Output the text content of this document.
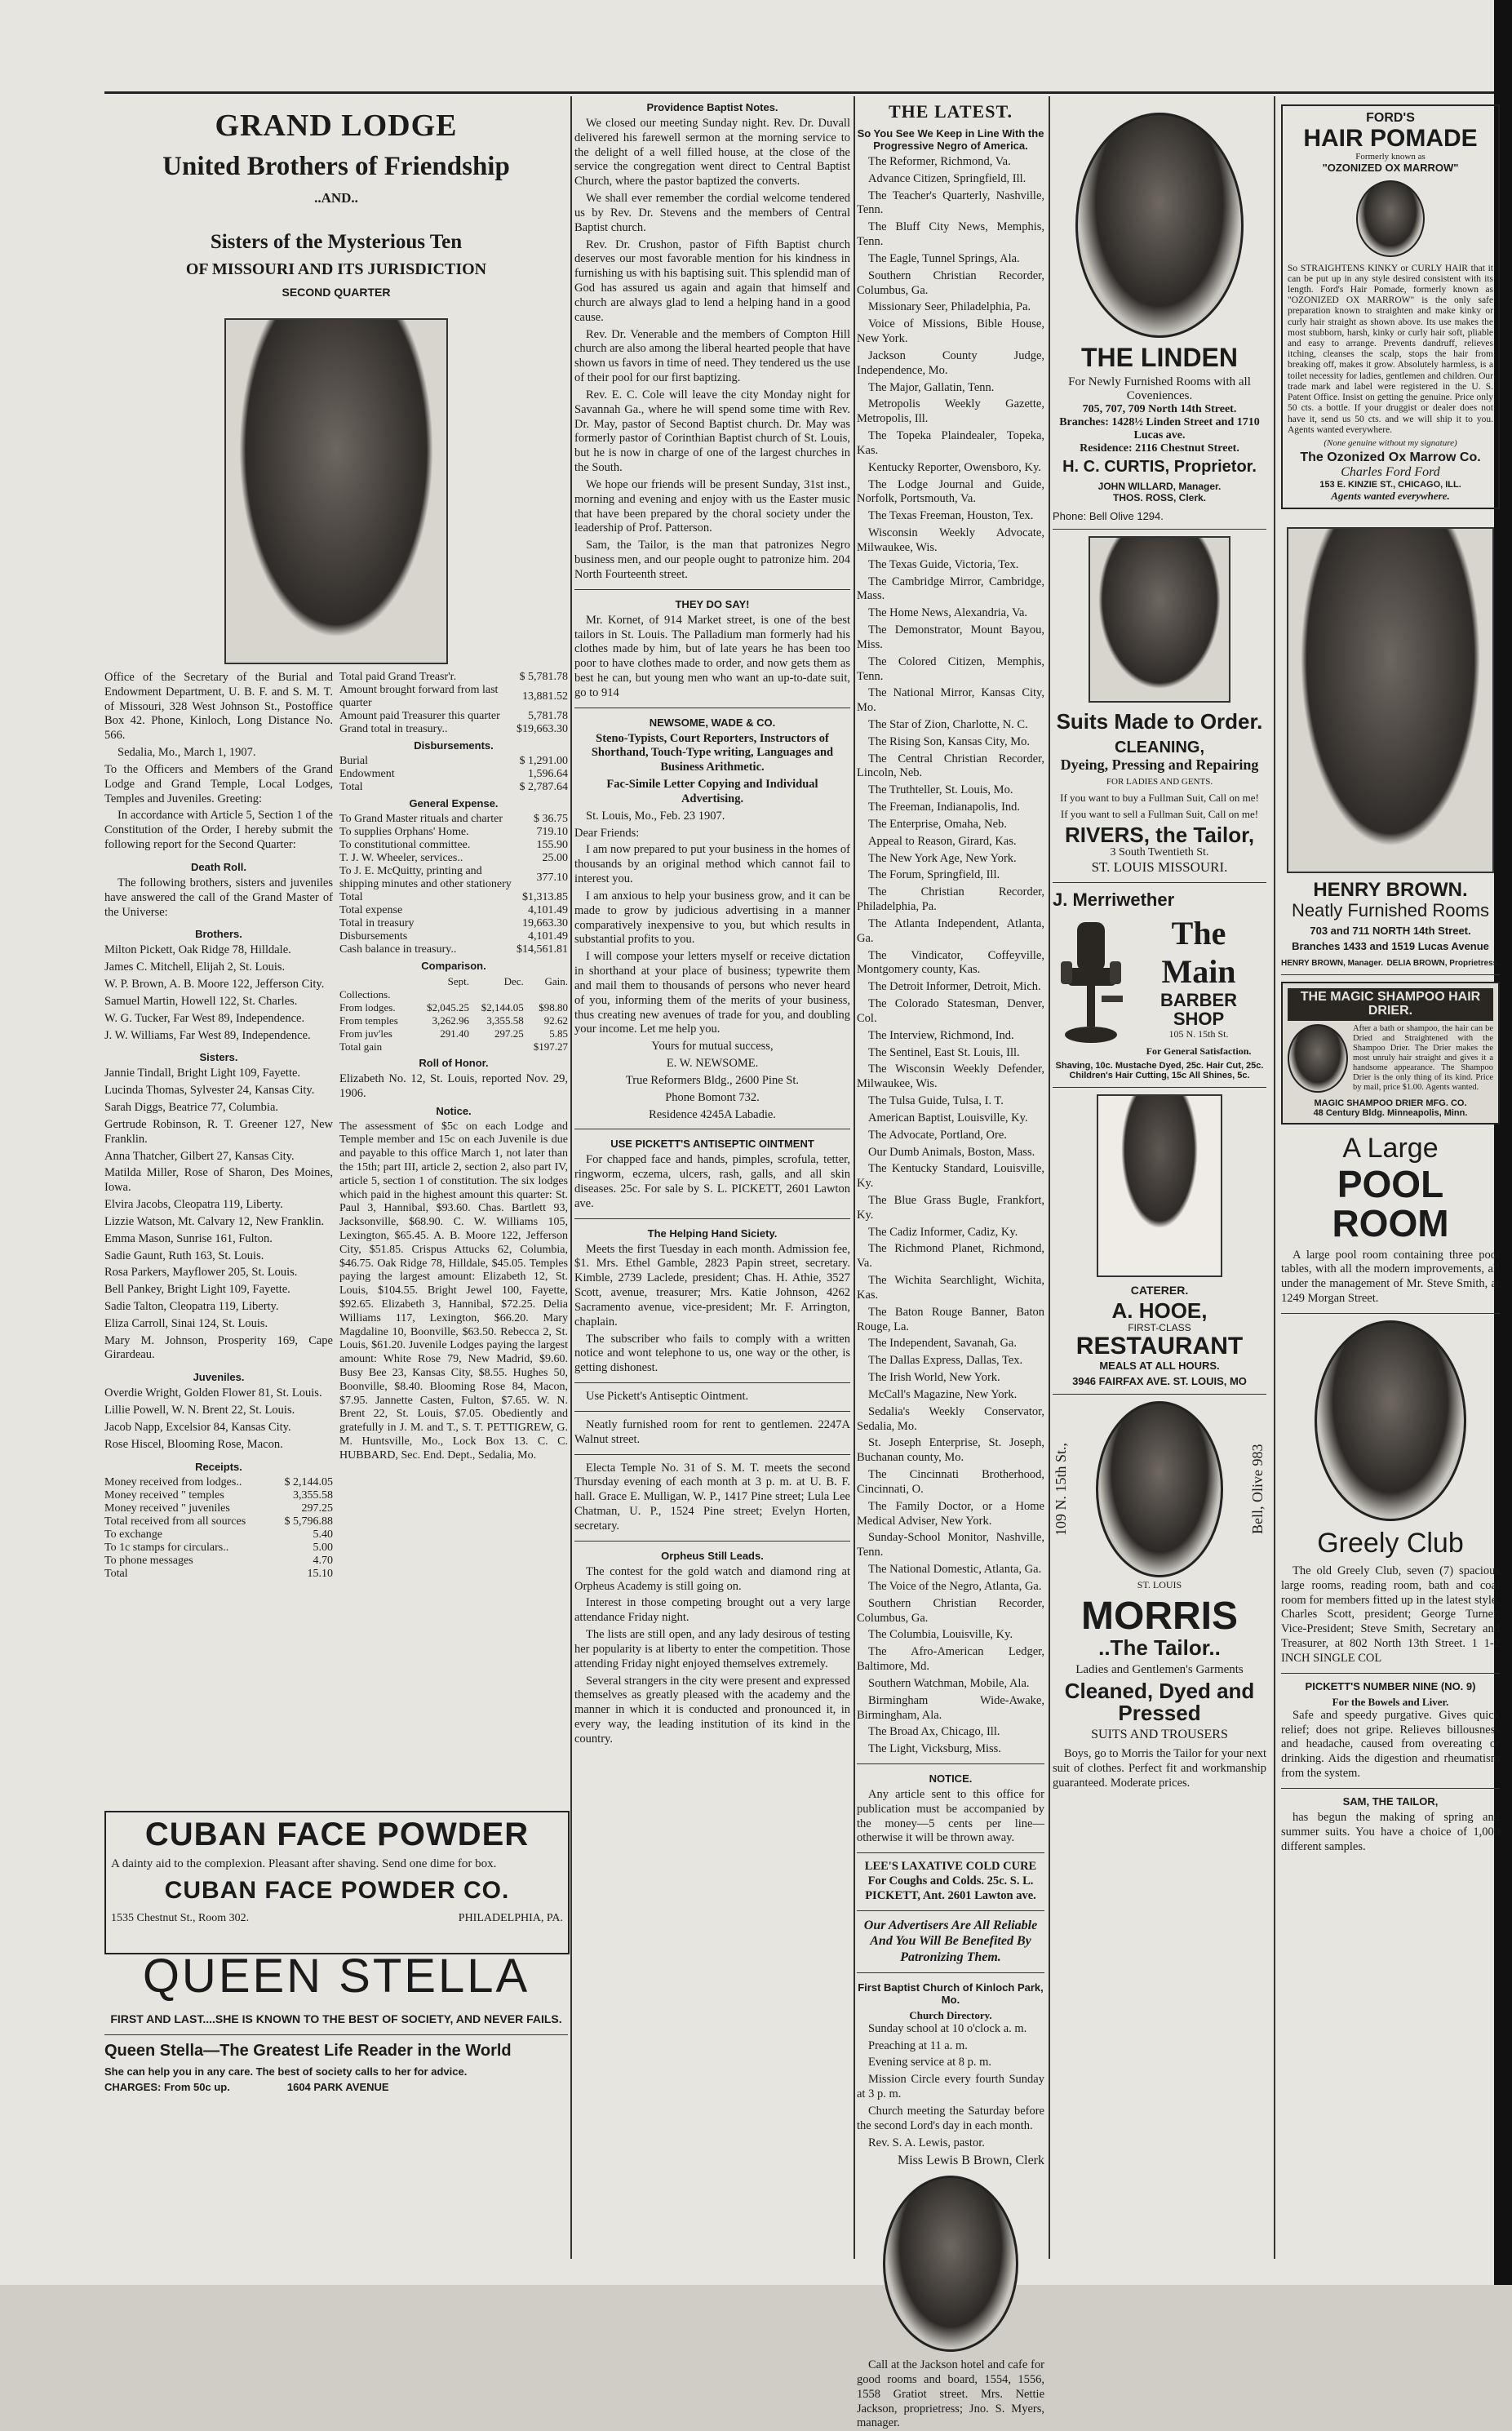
GRAND LODGE
United Brothers of Friendship
..AND..
Sisters of the Mysterious Ten
OF MISSOURI AND ITS JURISDICTION
SECOND QUARTER

Office of the Secretary of the Burial and Endowment Department, U. B. F. and S. M. T. of Missouri, 328 West Johnson St., Postoffice Box 42. Phone, Kinloch, Long Distance No. 566.

Sedalia, Mo., March 1, 1907.

To the Officers and Members of the Grand Lodge and Grand Temple, Local Lodges, Temples and Juveniles. Greeting:

In accordance with Article 5, Section 1 of the Constitution of the Order, I hereby submit the following report for the Second Quarter:

Death Roll.

The following brothers, sisters and juveniles have answered the call of the Grand Master of the Universe:

Brothers.

Milton Pickett, Oak Ridge 78, Hilldale.

James C. Mitchell, Elijah 2, St. Louis.

W. P. Brown, A. B. Moore 122, Jefferson City.

Samuel Martin, Howell 122, St. Charles.

W. G. Tucker, Far West 89, Independence.

J. W. Williams, Far West 89, Independence.

Sisters.

Jannie Tindall, Bright Light 109, Fayette.

Lucinda Thomas, Sylvester 24, Kansas City.

Sarah Diggs, Beatrice 77, Columbia.

Gertrude Robinson, R. T. Greener 127, New Franklin.

Anna Thatcher, Gilbert 27, Kansas City.

Matilda Miller, Rose of Sharon, Des Moines, Iowa.

Elvira Jacobs, Cleopatra 119, Liberty.

Lizzie Watson, Mt. Calvary 12, New Franklin.

Emma Mason, Sunrise 161, Fulton.

Sadie Gaunt, Ruth 163, St. Louis.

Rosa Parkers, Mayflower 205, St. Louis.

Bell Pankey, Bright Light 109, Fayette.

Sadie Talton, Cleopatra 119, Liberty.

Eliza Carroll, Sinai 124, St. Louis.

Mary M. Johnson, Prosperity 169, Cape Girardeau.

Juveniles.

Overdie Wright, Golden Flower 81, St. Louis.

Lillie Powell, W. N. Brent 22, St. Louis.

Jacob Napp, Excelsior 84, Kansas City.

Rose Hiscel, Blooming Rose, Macon.

Receipts.
Money received from lodges..	$ 2,144.05
Money received " temples	3,355.58
Money received " juveniles	297.25
Total received from all sources	$ 5,796.88
To exchange	5.40
To 1c stamps for circulars..	5.00
To phone messages	4.70
Total	15.10
Total paid Grand Treasr'r.	$ 5,781.78
Amount brought forward from last quarter	13,881.52
Amount paid Treasurer this quarter	5,781.78
Grand total in treasury..	$19,663.30
Disbursements.
Burial	$ 1,291.00
Endowment	1,596.64
Total	$ 2,787.64
General Expense.
To Grand Master rituals and charter	$ 36.75
To supplies Orphans' Home.	719.10
To constitutional committee.	155.90
T. J. W. Wheeler, services..	25.00
To J. E. McQuitty, printing and shipping minutes and other stationery	377.10
Total	$1,313.85
Total expense	4,101.49
Total in treasury	19,663.30
Disbursements	4,101.49
Cash balance in treasury..	$14,561.81
Comparison.
	Sept.	Dec.	Gain.
Collections.			
From lodges.	$2,045.25	$2,144.05	$98.80
From temples	3,262.96	3,355.58	92.62
From juv'les	291.40	297.25	5.85
Total gain			$197.27
Roll of Honor.

Elizabeth No. 12, St. Louis, reported Nov. 29, 1906.

Notice.

The assessment of $5c on each Lodge and Temple member and 15c on each Juvenile is due and payable to this office March 1, not later than the 15th; part III, article 2, section 2, also part IV, article 5, section 1 of constitution. The six lodges which paid in the highest amount this quarter: St. Paul 3, Hannibal, $93.60. Chas. Bartlett 93, Jacksonville, $68.90. C. W. Williams 105, Lexington, $65.45. A. B. Moore 122, Jefferson City, $51.85. Crispus Attucks 62, Columbia, $46.75. Oak Ridge 78, Hilldale, $45.05. Temples paying the largest amount: Elizabeth 12, St. Louis, $104.55. Bright Jewel 100, Fayette, $92.65. Elizabeth 3, Hannibal, $72.25. Delia Williams 117, Lexington, $66.20. Mary Magdaline 10, Boonville, $63.50. Rebecca 2, St. Louis, $61.20. Juvenile Lodges paying the largest amount: White Rose 79, New Madrid, $9.60. Busy Bee 23, Kansas City, $8.55. Hughes 50, Boonville, $8.40. Blooming Rose 84, Macon, $7.95. Jannette Casten, Fulton, $7.65. W. N. Brent 22, St. Louis, $7.05. Obediently and gratefully in J. M. and T., S. T. PETTIGREW, G. M. Huntsville, Mo., Lock Box 13. C. C. HUBBARD, Sec. End. Dept., Sedalia, Mo.

CUBAN FACE POWDER

A dainty aid to the complexion. Pleasant after shaving. Send one dime for box.

CUBAN FACE POWDER CO.
1535 Chestnut St., Room 302.	PHILADELPHIA, PA.
QUEEN STELLA
FIRST AND LAST....SHE IS KNOWN TO THE BEST OF SOCIETY, AND NEVER FAILS.
Queen Stella—The Greatest Life Reader in the World
She can help you in any care. The best of society calls to her for advice.
CHARGES: From 50c up.	1604 PARK AVENUE
Providence Baptist Notes.

We closed our meeting Sunday night. Rev. Dr. Duvall delivered his farewell sermon at the morning service to the delight of a well filled house, at the close of the service the congregation went direct to Central Baptist Church, where the pastor baptized the converts.

We shall ever remember the cordial welcome tendered us by Rev. Dr. Stevens and the members of Central Baptist church.

Rev. Dr. Crushon, pastor of Fifth Baptist church deserves our most favorable mention for his kindness in furnishing us with his baptising suit. This splendid man of God has assured us again and again that himself and church are always glad to lend a helping hand in a good cause.

Rev. Dr. Venerable and the members of Compton Hill church are also among the liberal hearted people that have shown us favors in time of need. They tendered us the use of their pool for our first baptizing.

Rev. E. C. Cole will leave the city Monday night for Savannah Ga., where he will spend some time with Rev. Dr. May, pastor of Second Baptist church. Dr. May was formerly pastor of Corinthian Baptist church of St. Louis, but he is now in charge of one of the largest churches in the South.

We hope our friends will be present Sunday, 31st inst., morning and evening and enjoy with us the Easter music that have been prepared by the choral society under the leadership of Prof. Patterson.

Sam, the Tailor, is the man that patronizes Negro business men, and our people ought to patronize him. 204 North Fourteenth street.

THEY DO SAY!

Mr. Kornet, of 914 Market street, is one of the best tailors in St. Louis. The Palladium man formerly had his clothes made by him, but of late years he has been too poor to have clothes made to order, and now gets them as best he can, but young men who want an up-to-date suit, go to 914

NEWSOME, WADE & CO.

Steno-Typists, Court Reporters, Instructors of Shorthand, Touch-Type writing, Languages and Business Arithmetic.

Fac-Simile Letter Copying and Individual Advertising.

St. Louis, Mo., Feb. 23 1907.

Dear Friends:

I am now prepared to put your business in the homes of thousands by an original method which cannot fail to interest you.

I am anxious to help your business grow, and it can be made to grow by judicious advertising in a manner comparatively inexpensive to you, but which results in substantial profits to you.

I will compose your letters myself or receive dictation in shorthand at your place of business; typewrite them and mail them to thousands of persons who never heard of you, informing them of the merits of your business, thus creating new avenues of trade for you, and doubling your income. Let me help you.

Yours for mutual success,

E. W. NEWSOME.

True Reformers Bldg., 2600 Pine St.

Phone Bomont 732.

Residence 4245A Labadie.

USE PICKETT'S ANTISEPTIC OINTMENT

For chapped face and hands, pimples, scrofula, tetter, ringworm, eczema, ulcers, rash, galls, and all skin diseases. 25c. For sale by S. L. PICKETT, 2601 Lawton ave.

The Helping Hand Siciety.

Meets the first Tuesday in each month. Admission fee, $1. Mrs. Ethel Gamble, 2823 Papin street, secretary. Kimble, 2739 Laclede, president; Chas. H. Athie, 3527 Scott, avenue, treasurer; Mrs. Katie Johnson, 4262 Sacramento avenue, vice-president; Mr. F. Arrington, chaplain.

The subscriber who fails to comply with a written notice and wont telephone to us, one way or the other, is getting dishonest.

Use Pickett's Antiseptic Ointment.

Neatly furnished room for rent to gentlemen. 2247A Walnut street.

Electa Temple No. 31 of S. M. T. meets the second Thursday evening of each month at 3 p. m. at U. B. F. hall. Grace E. Mulligan, W. P., 1417 Pine street; Lula Lee Chatman, U. P., 1524 Pine street; Evelyn Horten, secretary.

Orpheus Still Leads.

The contest for the gold watch and diamond ring at Orpheus Academy is still going on.

Interest in those competing brought out a very large attendance Friday night.

The lists are still open, and any lady desirous of testing her popularity is at liberty to enter the competition. Those attending Friday night enjoyed themselves extremely.

Several strangers in the city were present and expressed themselves as greatly pleased with the academy and the manner in which it is conducted and pronounced it, in every way, the leading institution of its kind in the country.

THE LATEST.
So You See We Keep in Line With the Progressive Negro of America.

The Reformer, Richmond, Va.

Advance Citizen, Springfield, Ill.

The Teacher's Quarterly, Nashville, Tenn.

The Bluff City News, Memphis, Tenn.

The Eagle, Tunnel Springs, Ala.

Southern Christian Recorder, Columbus, Ga.

Missionary Seer, Philadelphia, Pa.

Voice of Missions, Bible House, New York.

Jackson County Judge, Independence, Mo.

The Major, Gallatin, Tenn.

Metropolis Weekly Gazette, Metropolis, Ill.

The Topeka Plaindealer, Topeka, Kas.

Kentucky Reporter, Owensboro, Ky.

The Lodge Journal and Guide, Norfolk, Portsmouth, Va.

The Texas Freeman, Houston, Tex.

Wisconsin Weekly Advocate, Milwaukee, Wis.

The Texas Guide, Victoria, Tex.

The Cambridge Mirror, Cambridge, Mass.

The Home News, Alexandria, Va.

The Demonstrator, Mount Bayou, Miss.

The Colored Citizen, Memphis, Tenn.

The National Mirror, Kansas City, Mo.

The Star of Zion, Charlotte, N. C.

The Rising Son, Kansas City, Mo.

The Central Christian Recorder, Lincoln, Neb.

The Truthteller, St. Louis, Mo.

The Freeman, Indianapolis, Ind.

The Enterprise, Omaha, Neb.

Appeal to Reason, Girard, Kas.

The New York Age, New York.

The Forum, Springfield, Ill.

The Christian Recorder, Philadelphia, Pa.

The Atlanta Independent, Atlanta, Ga.

The Vindicator, Coffeyville, Montgomery county, Kas.

The Detroit Informer, Detroit, Mich.

The Colorado Statesman, Denver, Col.

The Interview, Richmond, Ind.

The Sentinel, East St. Louis, Ill.

The Wisconsin Weekly Defender, Milwaukee, Wis.

The Tulsa Guide, Tulsa, I. T.

American Baptist, Louisville, Ky.

The Advocate, Portland, Ore.

Our Dumb Animals, Boston, Mass.

The Kentucky Standard, Louisville, Ky.

The Blue Grass Bugle, Frankfort, Ky.

The Cadiz Informer, Cadiz, Ky.

The Richmond Planet, Richmond, Va.

The Wichita Searchlight, Wichita, Kas.

The Baton Rouge Banner, Baton Rouge, La.

The Independent, Savanah, Ga.

The Dallas Express, Dallas, Tex.

The Irish World, New York.

McCall's Magazine, New York.

Sedalia's Weekly Conservator, Sedalia, Mo.

St. Joseph Enterprise, St. Joseph, Buchanan county, Mo.

The Cincinnati Brotherhood, Cincinnati, O.

The Family Doctor, or a Home Medical Adviser, New York.

Sunday-School Monitor, Nashville, Tenn.

The National Domestic, Atlanta, Ga.

The Voice of the Negro, Atlanta, Ga.

Southern Christian Recorder, Columbus, Ga.

The Columbia, Louisville, Ky.

The Afro-American Ledger, Baltimore, Md.

Southern Watchman, Mobile, Ala.

Birmingham Wide-Awake, Birmingham, Ala.

The Broad Ax, Chicago, Ill.

The Light, Vicksburg, Miss.

NOTICE.

Any article sent to this office for publication must be accompanied by the money—5 cents per line—otherwise it will be thrown away.

LEE'S LAXATIVE COLD CURE For Coughs and Colds. 25c. S. L. PICKETT, Ant. 2601 Lawton ave.

Our Advertisers Are All Reliable And You Will Be Benefited By Patronizing Them.

First Baptist Church of Kinloch Park, Mo.
Church Directory.

Sunday school at 10 o'clock a. m.

Preaching at 11 a. m.

Evening service at 8 p. m.

Mission Circle every fourth Sunday at 3 p. m.

Church meeting the Saturday before the second Lord's day in each month.

Rev. S. A. Lewis, pastor.

Miss Lewis B Brown, Clerk

Call at the Jackson hotel and cafe for good rooms and board, 1554, 1556, 1558 Gratiot street. Mrs. Nettie Jackson, proprietress; Jno. S. Myers, manager.

THE LINDEN
For Newly Furnished Rooms with all Coveniences.
705, 707, 709 North 14th Street.
Branches: 1428½ Linden Street and 1710 Lucas ave.
Residence: 2116 Chestnut Street.
H. C. CURTIS, Proprietor.
JOHN WILLARD, Manager.
THOS. ROSS, Clerk.
Phone: Bell Olive 1294.
Suits Made to Order.
CLEANING,
Dyeing, Pressing and Repairing
FOR LADIES AND GENTS.
If you want to buy a Fullman Suit, Call on me!
If you want to sell a Fullman Suit, Call on me!
RIVERS, the Tailor,
3 South Twentieth St.
ST. LOUIS MISSOURI.
J. Merriwether
The Main
BARBER
SHOP
105 N. 15th St.
For General Satisfaction.
Shaving, 10c. Mustache Dyed, 25c. Hair Cut, 25c. Children's Hair Cutting, 15c All Shines, 5c.
CATERER.
A. HOOE,
FIRST-CLASS
RESTAURANT
MEALS AT ALL HOURS.
3946 FAIRFAX AVE. ST. LOUIS, MO
109 N. 15th St.,	Bell, Olive 983
ST. LOUIS
MORRIS
..The Tailor..
Ladies and Gentlemen's Garments
Cleaned, Dyed and Pressed
SUITS AND TROUSERS

Boys, go to Morris the Tailor for your next suit of clothes. Perfect fit and workmanship guaranteed. Moderate prices.

FORD'S
HAIR POMADE
Formerly known as
"OZONIZED OX MARROW"

So STRAIGHTENS KINKY or CURLY HAIR that it can be put up in any style desired consistent with its length. Ford's Hair Pomade, formerly known as "OZONIZED OX MARROW" is the only safe preparation known to straighten and make kinky or curly hair straight as shown above. Its use makes the most stubborn, harsh, kinky or curly hair soft, pliable and easy to arrange. Prevents dandruff, relieves itching, cleanses the scalp, stops the hair from breaking off, makes it grow. Absolutely harmless, is a toilet necessity for ladies, gentlemen and children. Our trade mark and label were registered in the U. S. Patent Office. Insist on getting the genuine. Price only 50 cts. a bottle. If your druggist or dealer does not have it, send us 50 cts. and we will ship it to you. Agents wanted everywhere.

(None genuine without my signature)
The Ozonized Ox Marrow Co.
Charles Ford Ford
153 E. KINZIE ST., CHICAGO, ILL.
Agents wanted everywhere.
HENRY BROWN.
Neatly Furnished Rooms
703 and 711 NORTH 14th Street.
Branches 1433 and 1519 Lucas Avenue
HENRY BROWN, Manager. DELIA BROWN, Proprietress.
THE MAGIC SHAMPOO HAIR DRIER.

After a bath or shampoo, the hair can be Dried and Straightened with the Shampoo Drier. The Drier makes the most unruly hair straight and gives it a handsome appearance. The Shampoo Drier is the only thing of its kind. Price by mail, price $1.00. Agents wanted.

MAGIC SHAMPOO DRIER MFG. CO.
48 Century Bldg. Minneapolis, Minn.
A Large
POOL ROOM

A large pool room containing three pool tables, with all the modern improvements, all under the management of Mr. Steve Smith, at 1249 Morgan Street.

Greely Club

The old Greely Club, seven (7) spacious large rooms, reading room, bath and coal room for members fitted up in the latest style. Charles Scott, president; George Turner, Vice-President; Steve Smith, Secretary and Treasurer, at 802 North 13th Street. 1 1-2 INCH SINGLE COL

PICKETT'S NUMBER NINE (NO. 9)
For the Bowels and Liver.

Safe and speedy purgative. Gives quick relief; does not gripe. Relieves billousness and headache, caused from overeating or drinking. Aids the digestion and rheumatism from the system.

SAM, THE TAILOR,

has begun the making of spring and summer suits. You have a choice of 1,000 different samples.
